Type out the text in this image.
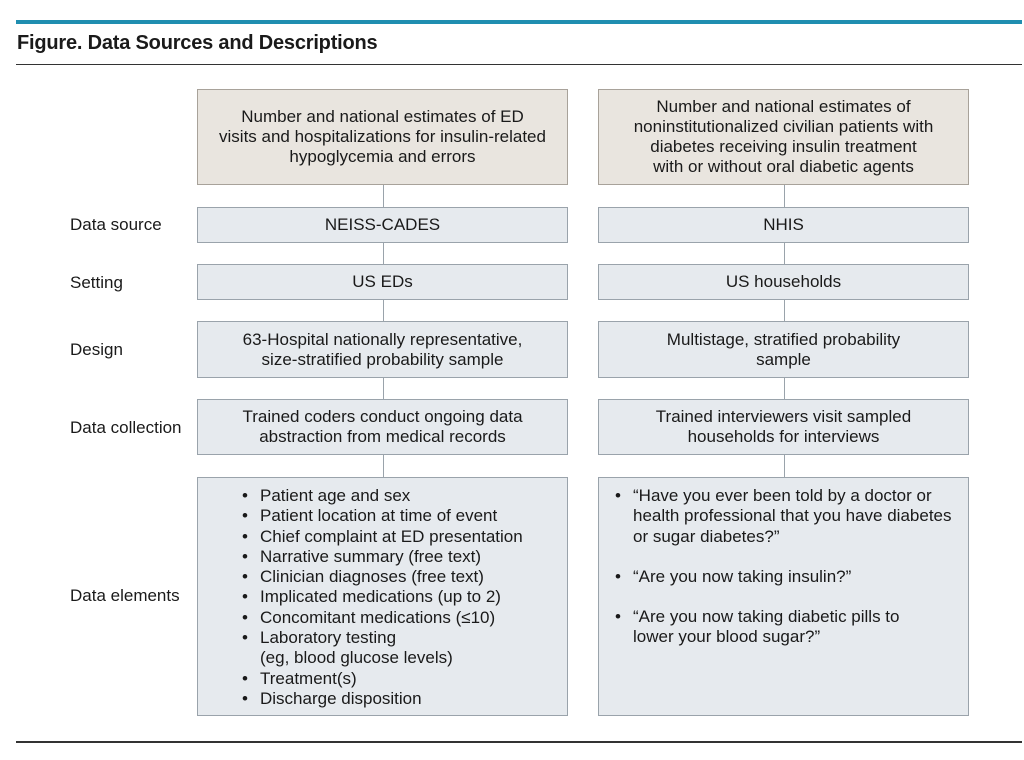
Figure. Data Sources and Descriptions
Data source
Setting
Design
Data collection
Data elements
Number and national estimates of ED
visits and hospitalizations for insulin-related
hypoglycemia and errors
NEISS-CADES
US EDs
63-Hospital nationally representative,
size-stratified probability sample
Trained coders conduct ongoing data
abstraction from medical records
• Patient age and sex
• Patient location at time of event
• Chief complaint at ED presentation
• Narrative summary (free text)
• Clinician diagnoses (free text)
• Implicated medications (up to 2)
• Concomitant medications (≤10)
• Laboratory testing
(eg, blood glucose levels)
• Treatment(s)
• Discharge disposition
Number and national estimates of
noninstitutionalized civilian patients with
diabetes receiving insulin treatment
with or without oral diabetic agents
NHIS
US households
Multistage, stratified probability
sample
Trained interviewers visit sampled
households for interviews
• “Have you ever been told by a doctor or
health professional that you have diabetes
or sugar diabetes?”
• “Are you now taking insulin?”
• “Are you now taking diabetic pills to
lower your blood sugar?”
